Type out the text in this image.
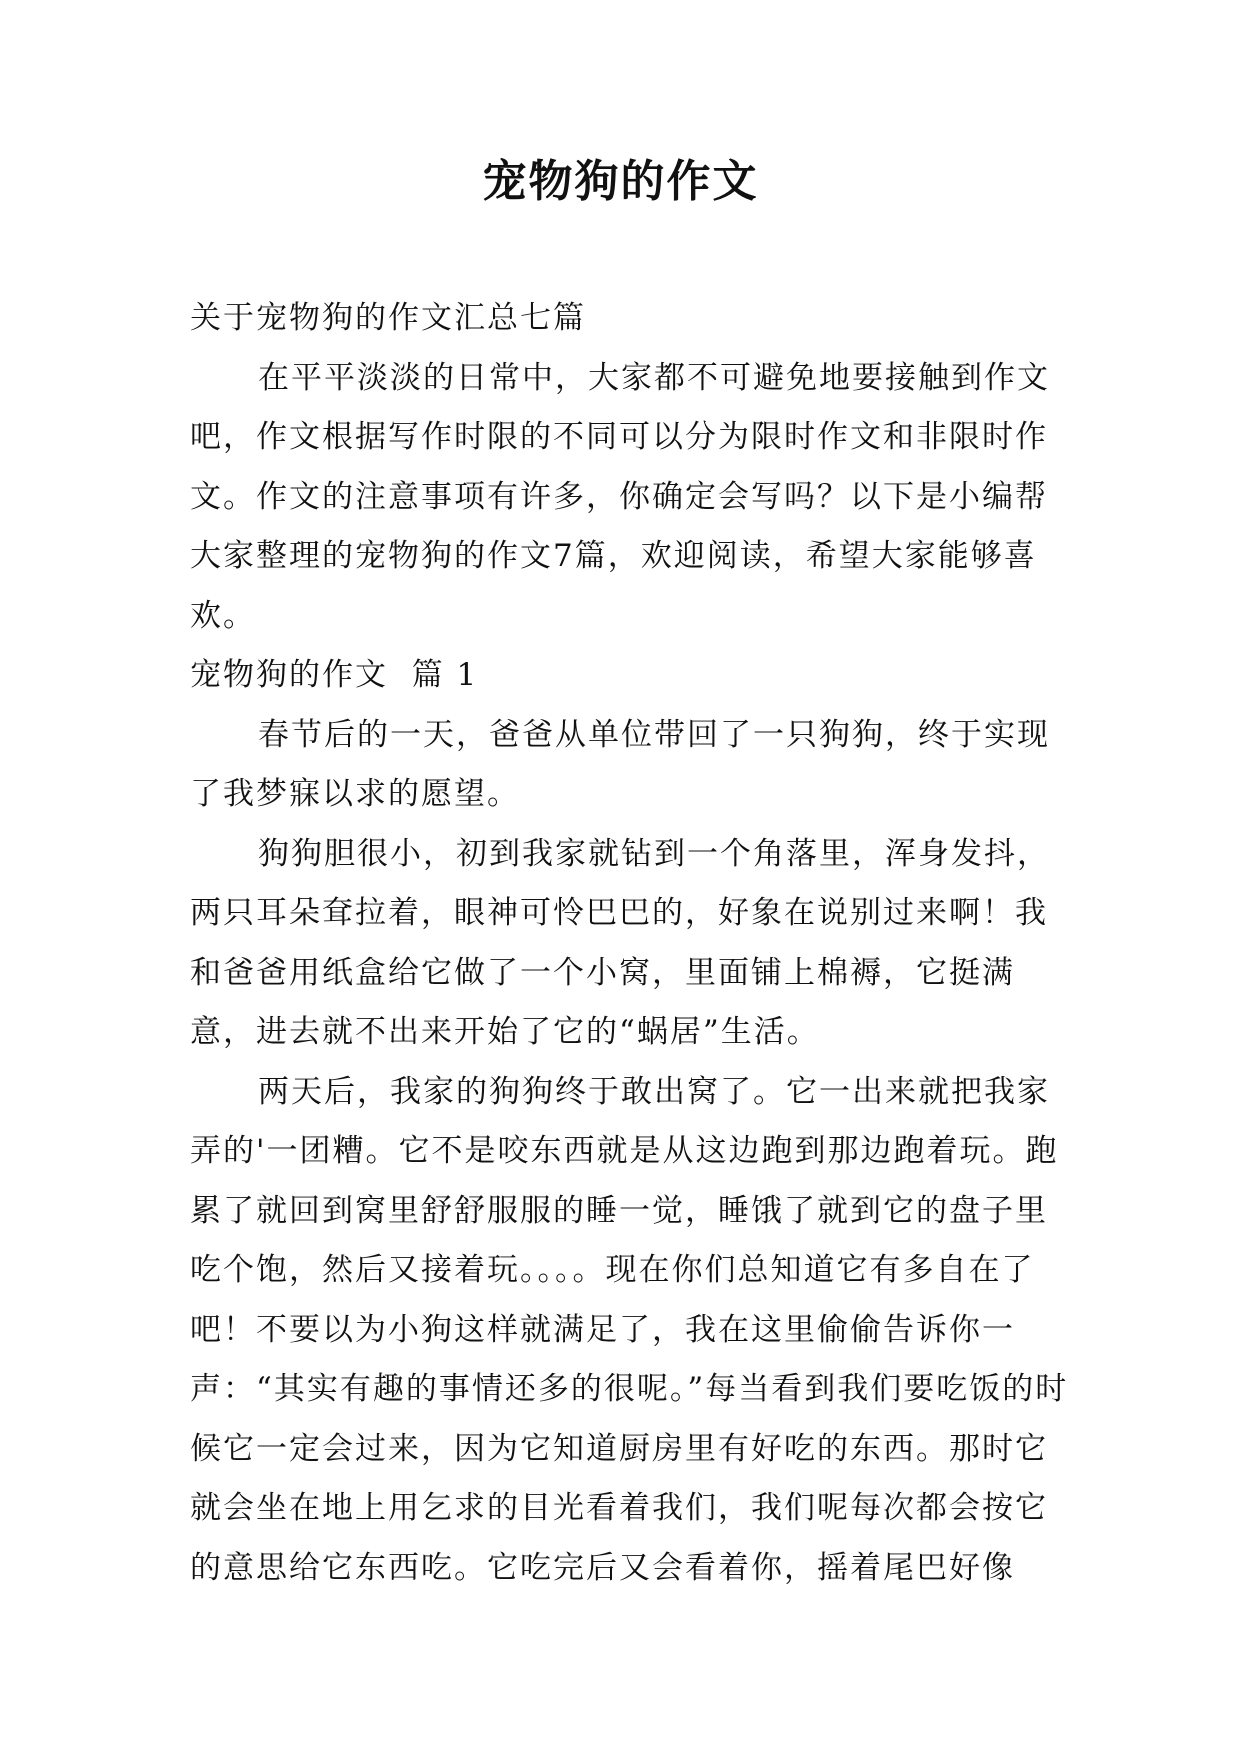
宠物狗的作文

关于宠物狗的作文汇总七篇

在平平淡淡的日常中，大家都不可避免地要接触到作文吧，作文根据写作时限的不同可以分为限时作文和非限时作文。作文的注意事项有许多，你确定会写吗？以下是小编帮大家整理的宠物狗的作文7篇，欢迎阅读，希望大家能够喜欢。

宠物狗的作文  篇 1

春节后的一天，爸爸从单位带回了一只狗狗，终于实现了我梦寐以求的愿望。

狗狗胆很小，初到我家就钻到一个角落里，浑身发抖，两只耳朵耷拉着，眼神可怜巴巴的，好象在说别过来啊！我和爸爸用纸盒给它做了一个小窝，里面铺上棉褥，它挺满意，进去就不出来开始了它的“蜗居”生活。

两天后，我家的狗狗终于敢出窝了。它一出来就把我家弄的'一团糟。它不是咬东西就是从这边跑到那边跑着玩。跑累了就回到窝里舒舒服服的睡一觉，睡饿了就到它的盘子里吃个饱，然后又接着玩。。。。现在你们总知道它有多自在了吧！不要以为小狗这样就满足了，我在这里偷偷告诉你一声：“其实有趣的事情还多的很呢。”每当看到我们要吃饭的时候它一定会过来，因为它知道厨房里有好吃的东西。那时它就会坐在地上用乞求的目光看着我们，我们呢每次都会按它的意思给它东西吃。它吃完后又会看着你，摇着尾巴好像
